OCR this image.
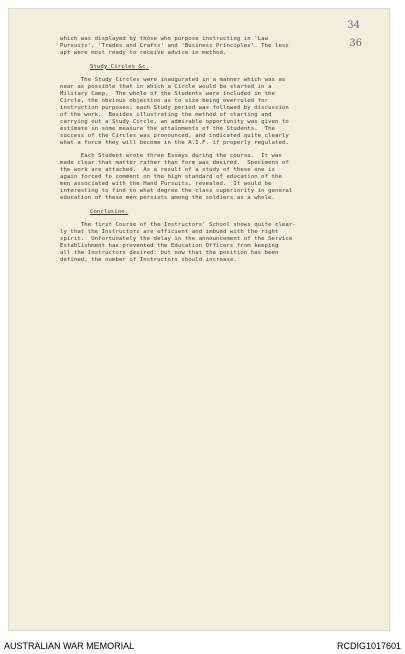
34
36
which was displayed by those who purpose instructing in 'Law
Pursuits', 'Trades and Crafts' and 'Business Principles'. The less
apt were most ready to receive advice in method.
Study Circles &c.
The Study Circles were inaugurated in a manner which was as
near as possible that in which a Circle would be started in a
Military Camp.  The whole of the Students were included in the
Circle, the obvious objection as to size being overruled for
instruction purposes; each Study period was followed by discussion
of the work.  Besides illustrating the method of starting and
carrying out a Study Circle, an admirable opportunity was given to
estimate in some measure the attainments of the Students.  The
success of the Circles was pronounced, and indicated quite clearly
what a force they will become in the A.I.F. if properly regulated.
Each Student wrote three Essays during the course.  It was
made clear that matter rather than form was desired.  Specimens of
the work are attached.  As a result of a study of these one is
again forced to comment on the high standard of education of the
men associated with the Hand Pursuits, revealed.  It would be
interesting to find to what degree the class superiority in general
education of these men persists among the soldiers as a whole.
Conclusion.
The first Course of the Instructors' School shows quite clear-
ly that the Instructors are efficient and imbued with the right
spirit.  Unfortunately the delay in the announcement of the Service
Establishment has prevented the Education Officers from keeping
all the Instructors desired: but now that the position has been
defined, the number of Instructors should increase.
AUSTRALIAN WAR MEMORIAL	RCDIG1017601
